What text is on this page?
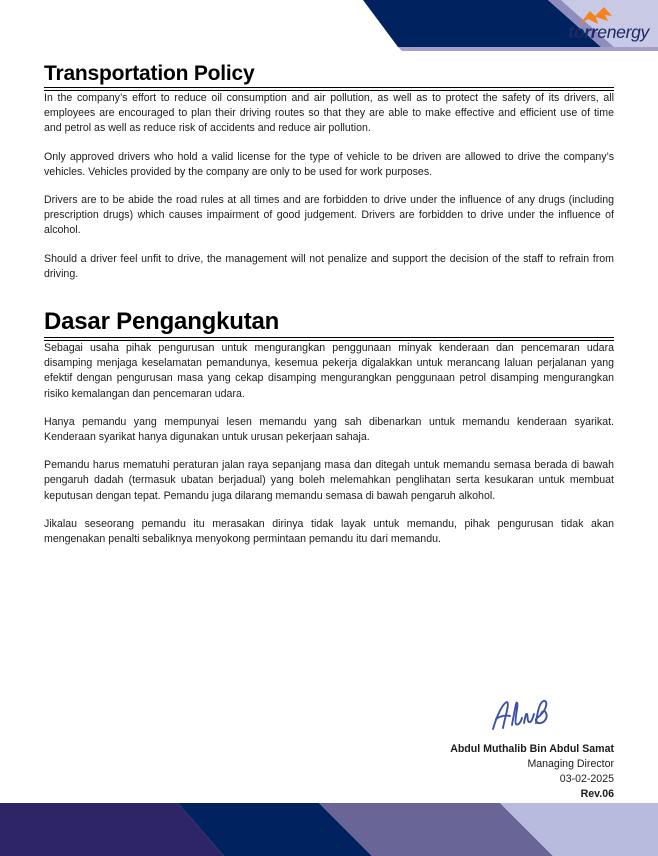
torrenergy
Transportation Policy

In the company’s effort to reduce oil consumption and air pollution, as well as to protect the safety of its drivers, all employees are encouraged to plan their driving routes so that they are able to make effective and efficient use of time and petrol as well as reduce risk of accidents and reduce air pollution.

Only approved drivers who hold a valid license for the type of vehicle to be driven are allowed to drive the company’s vehicles. Vehicles provided by the company are only to be used for work purposes.

Drivers are to be abide the road rules at all times and are forbidden to drive under the influence of any drugs (including prescription drugs) which causes impairment of good judgement. Drivers are forbidden to drive under the influence of alcohol.

Should a driver feel unfit to drive, the management will not penalize and support the decision of the staff to refrain from driving.

Dasar Pengangkutan

Sebagai usaha pihak pengurusan untuk mengurangkan penggunaan minyak kenderaan dan pencemaran udara disamping menjaga keselamatan pemandunya, kesemua pekerja digalakkan untuk merancang laluan perjalanan yang efektif dengan pengurusan masa yang cekap disamping mengurangkan penggunaan petrol disamping mengurangkan risiko kemalangan dan pencemaran udara.

Hanya pemandu yang mempunyai lesen memandu yang sah dibenarkan untuk memandu kenderaan syarikat. Kenderaan syarikat hanya digunakan untuk urusan pekerjaan sahaja.

Pemandu harus mematuhi peraturan jalan raya sepanjang masa dan ditegah untuk memandu semasa berada di bawah pengaruh dadah (termasuk ubatan berjadual) yang boleh melemahkan penglihatan serta kesukaran untuk membuat keputusan dengan tepat. Pemandu juga dilarang memandu semasa di bawah pengaruh alkohol.

Jikalau seseorang pemandu itu merasakan dirinya tidak layak untuk memandu, pihak pengurusan tidak akan mengenakan penalti sebaliknya menyokong permintaan pemandu itu dari memandu.

Abdul Muthalib Bin Abdul Samat
Managing Director
03-02-2025
Rev.06
